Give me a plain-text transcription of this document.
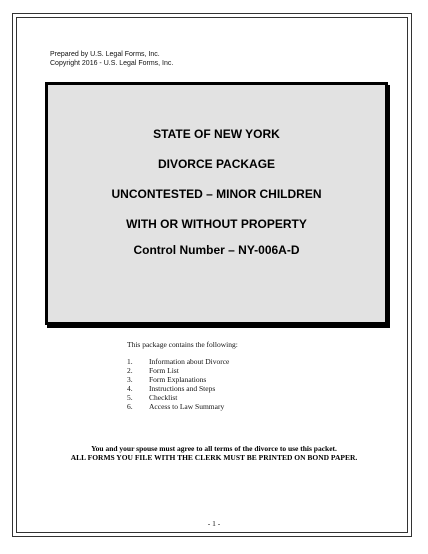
Prepared by U.S. Legal Forms, Inc.
Copyright 2016 - U.S. Legal Forms, Inc.
STATE OF NEW YORK
DIVORCE PACKAGE
UNCONTESTED – MINOR CHILDREN
WITH OR WITHOUT PROPERTY
Control Number – NY-006A-D
This package contains the following:
1.	Information about Divorce
2.	Form List
3.	Form Explanations
4.	Instructions and Steps
5.	Checklist
6.	Access to Law Summary
You and your spouse must agree to all terms of the divorce to use this packet.
ALL FORMS YOU FILE WITH THE CLERK MUST BE PRINTED ON BOND PAPER.
- 1 -
